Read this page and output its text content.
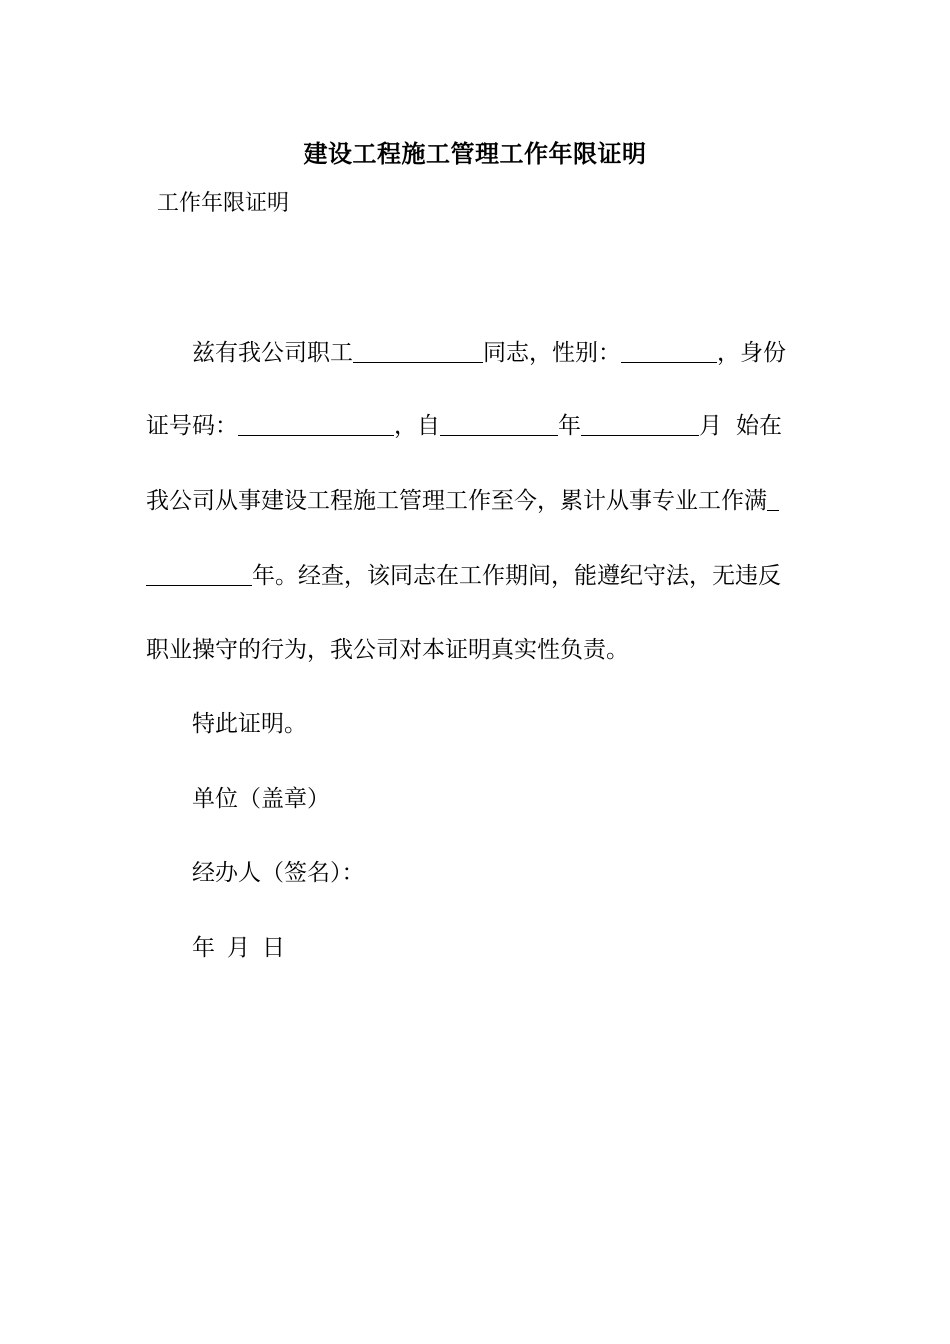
建设工程施工管理工作年限证明

工作年限证明

兹有我公司职工	同志，性别：	，身份

证号码：	，自	年	月 始在

我公司从事建设工程施工管理工作至今，累计从事专业工作满

年。经查，该同志在工作期间，能遵纪守法，无违反

职业操守的行为，我公司对本证明真实性负责。

特此证明。

单位（盖章）

经办人（签名）：

年 月 日
